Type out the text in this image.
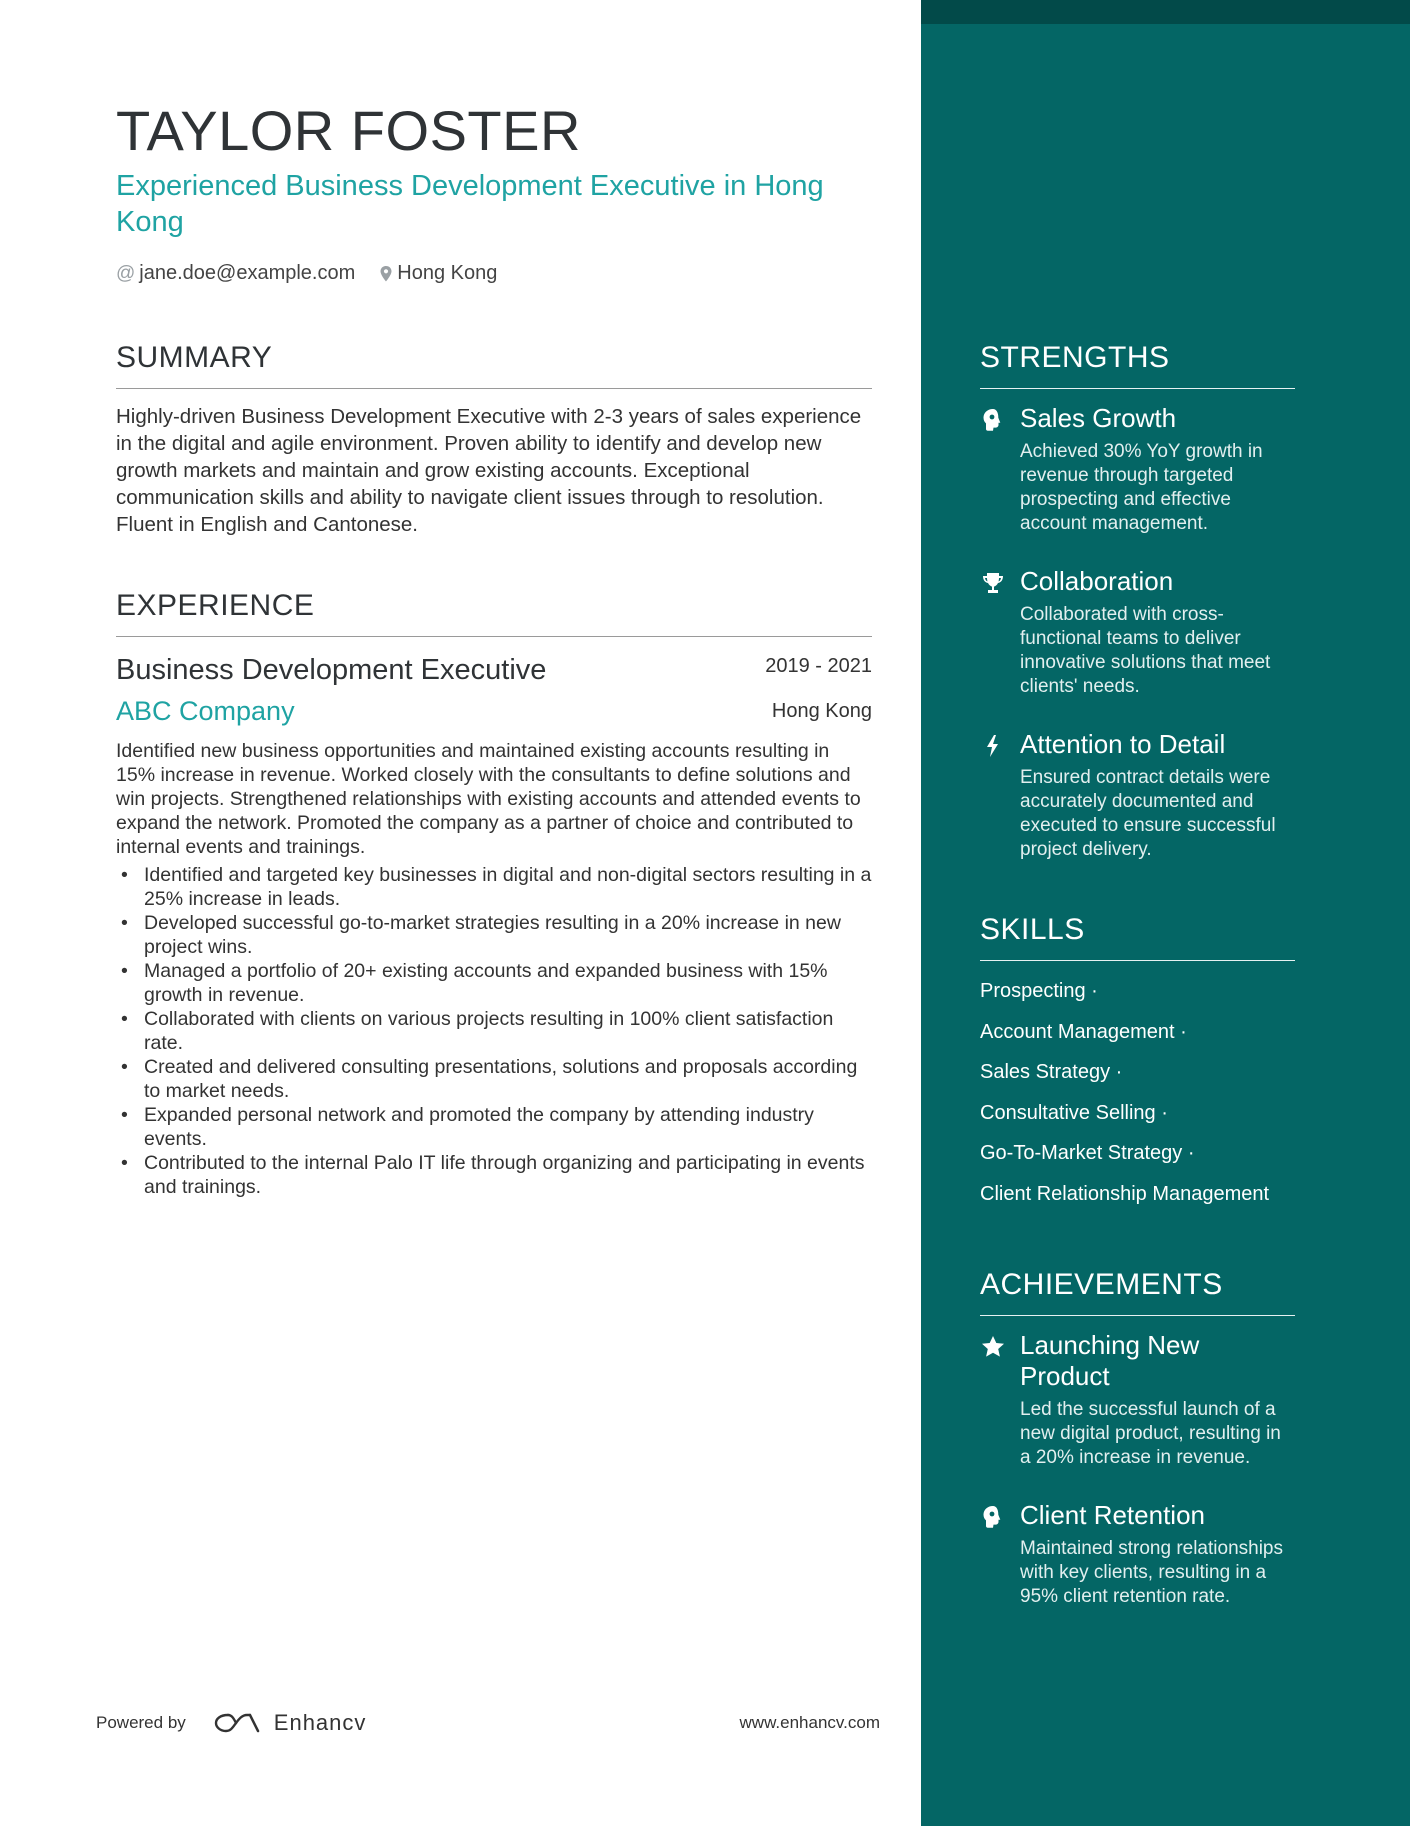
TAYLOR FOSTER
Experienced Business Development Executive in Hong Kong
@ jane.doe@example.com Hong Kong
SUMMARY

Highly-driven Business Development Executive with 2-3 years of sales experience in the digital and agile environment. Proven ability to identify and develop new growth markets and maintain and grow existing accounts. Exceptional communication skills and ability to navigate client issues through to resolution. Fluent in English and Cantonese.

EXPERIENCE
Business Development Executive	2019 - 2021
ABC Company	Hong Kong

Identified new business opportunities and maintained existing accounts resulting in 15% increase in revenue. Worked closely with the consultants to define solutions and win projects. Strengthened relationships with existing accounts and attended events to expand the network. Promoted the company as a partner of choice and contributed to internal events and trainings.

• Identified and targeted key businesses in digital and non-digital sectors resulting in a 25% increase in leads.
• Developed successful go-to-market strategies resulting in a 20% increase in new project wins.
• Managed a portfolio of 20+ existing accounts and expanded business with 15% growth in revenue.
• Collaborated with clients on various projects resulting in 100% client satisfaction rate.
• Created and delivered consulting presentations, solutions and proposals according to market needs.
• Expanded personal network and promoted the company by attending industry events.
• Contributed to the internal Palo IT life through organizing and participating in events and trainings.
Powered by	Enhancv	www.enhancv.com
STRENGTHS
Sales Growth
Achieved 30% YoY growth in revenue through targeted prospecting and effective account management.
Collaboration
Collaborated with cross-functional teams to deliver innovative solutions that meet clients' needs.
Attention to Detail
Ensured contract details were accurately documented and executed to ensure successful project delivery.
SKILLS
Prospecting ·
Account Management ·
Sales Strategy ·
Consultative Selling ·
Go-To-Market Strategy ·
Client Relationship Management
ACHIEVEMENTS
Launching New Product
Led the successful launch of a new digital product, resulting in a 20% increase in revenue.
Client Retention
Maintained strong relationships with key clients, resulting in a 95% client retention rate.
